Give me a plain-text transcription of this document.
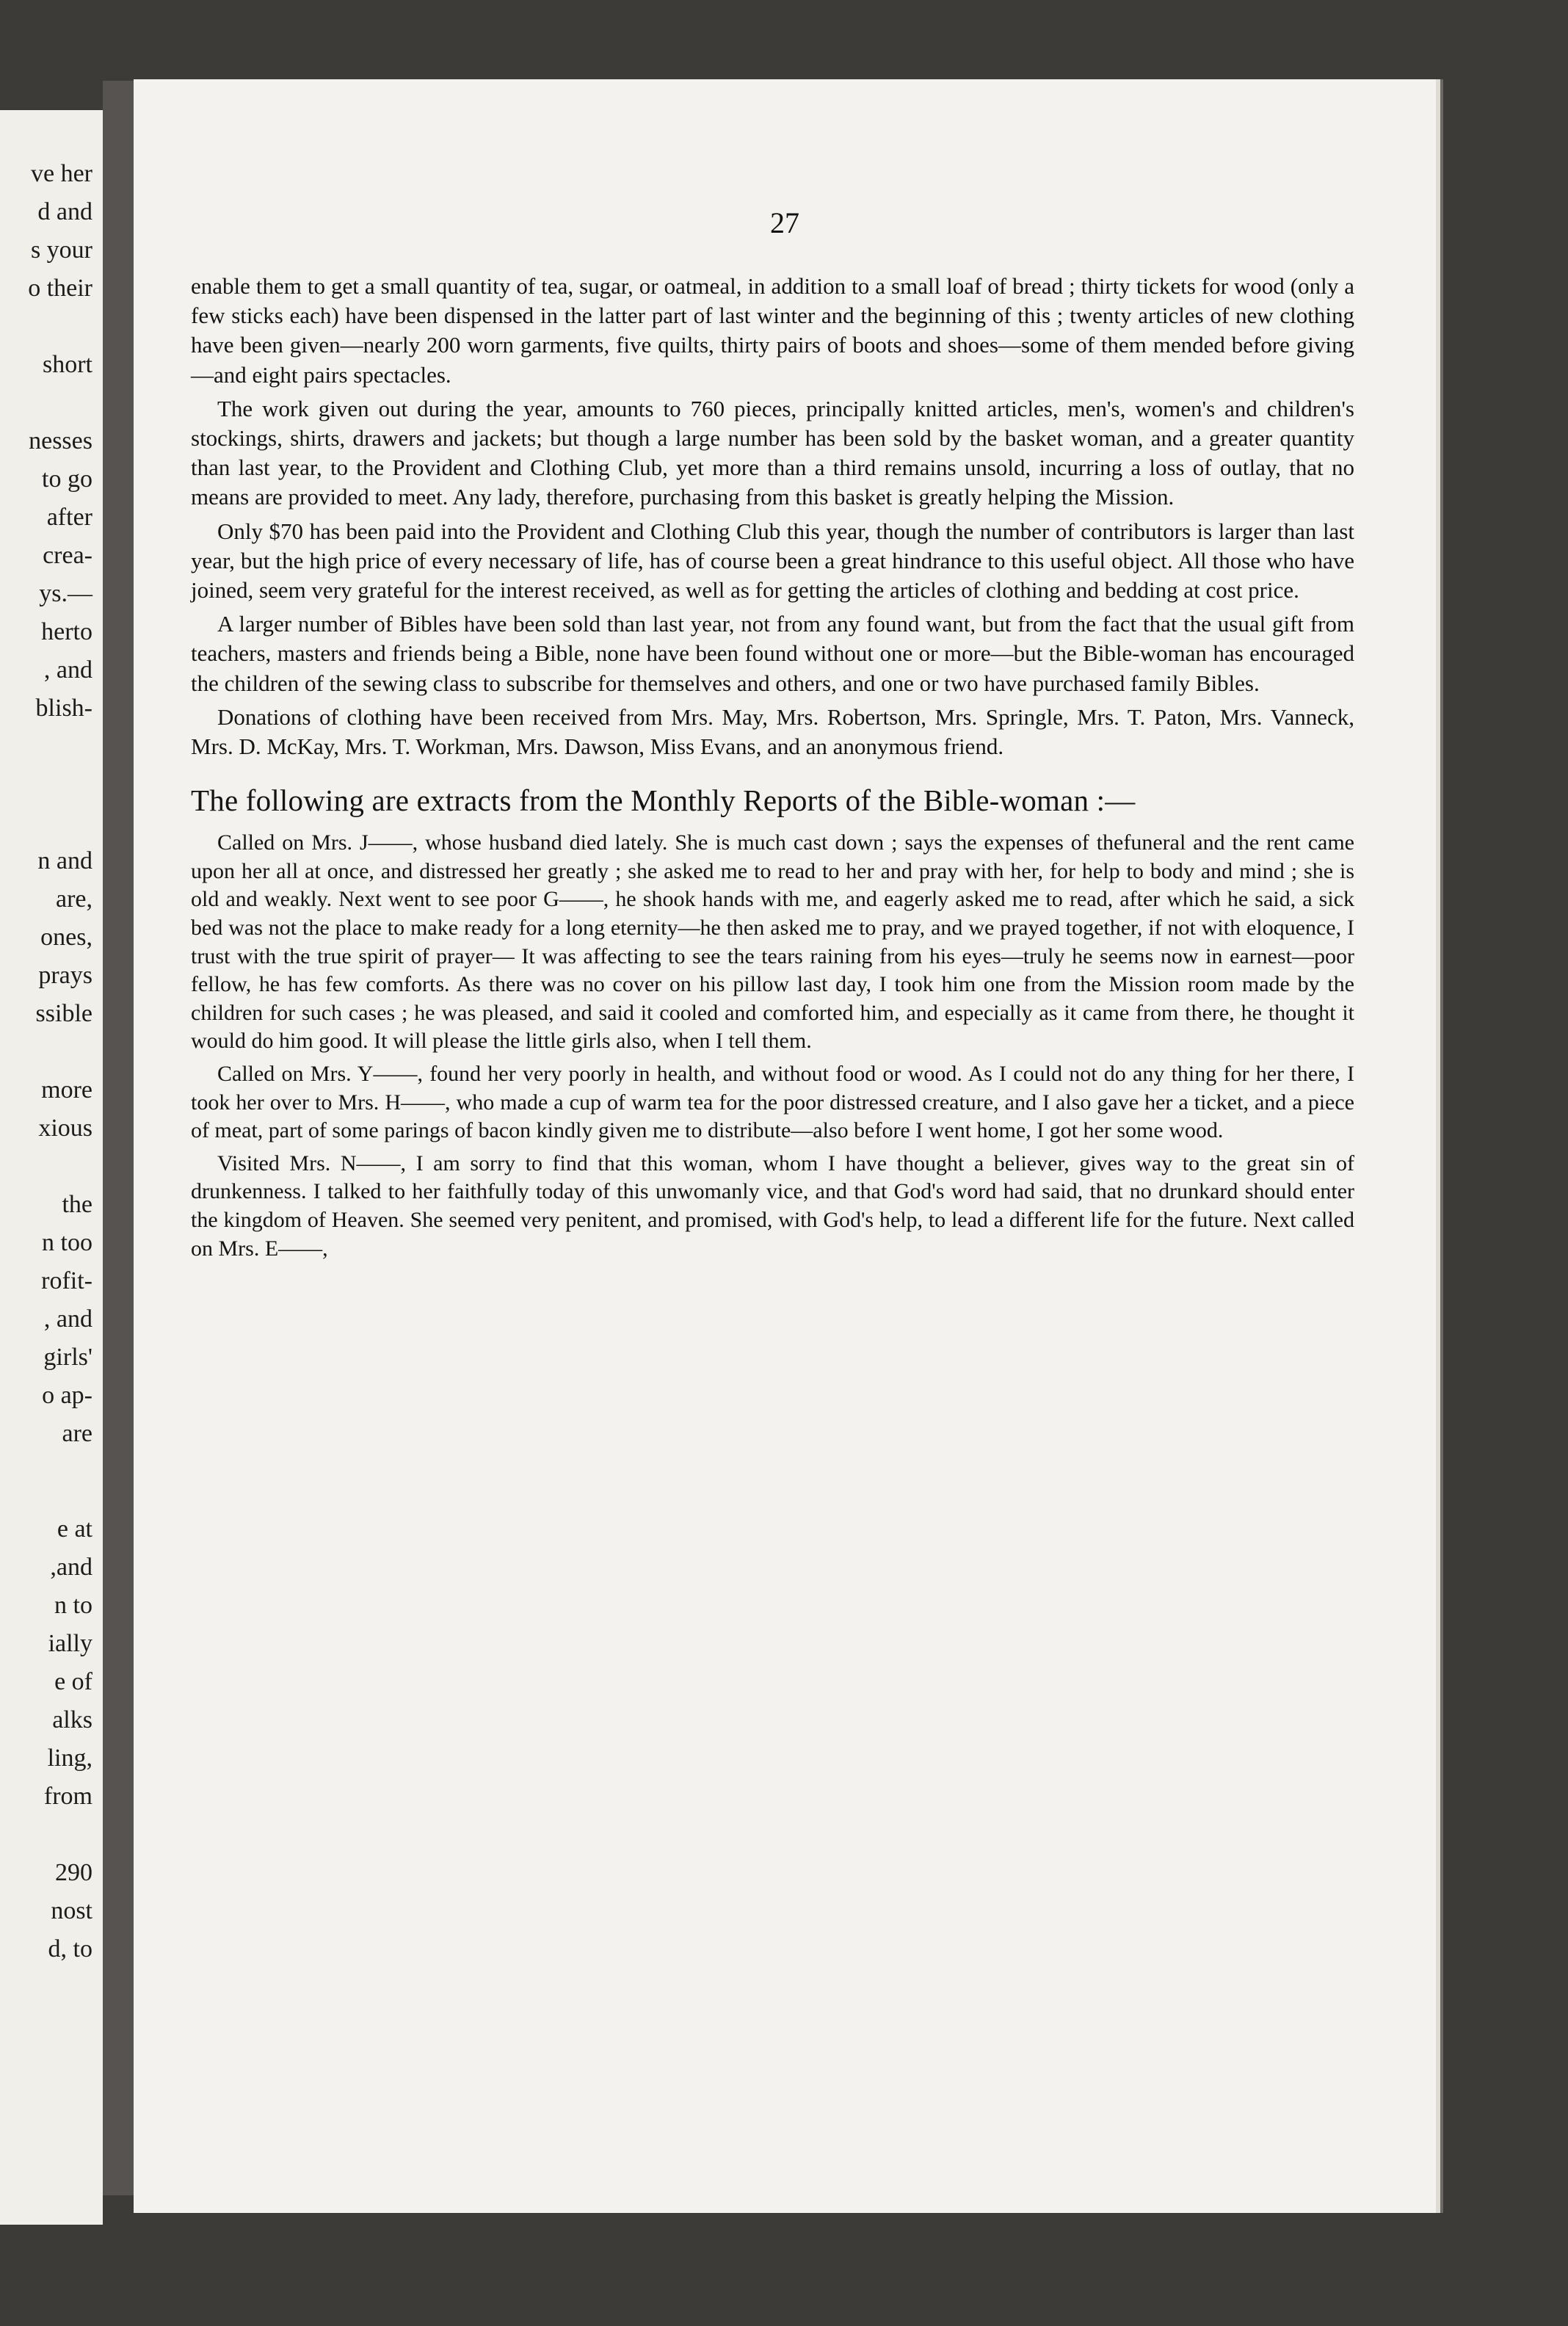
ve her
d and
s your
o their
short
nesses
to go
after
crea-
ys.—
herto
, and
blish-
n and
are,
ones,
prays
ssible
more
xious
the
n too
rofit-
, and
girls'
o ap-
are
e at
,and
n to
ially
e of
alks
ling,
from
290
nost
d, to
27

enable them to get a small quantity of tea, sugar, or oatmeal, in addition to a small loaf of bread ; thirty tickets for wood (only a few sticks each) have been dispensed in the latter part of last winter and the beginning of this ; twenty articles of new clothing have been given—nearly 200 worn garments, five quilts, thirty pairs of boots and shoes—some of them mended before giving—and eight pairs spectacles.

The work given out during the year, amounts to 760 pieces, principally knitted articles, men's, women's and children's stockings, shirts, drawers and jackets; but though a large number has been sold by the basket woman, and a greater quantity than last year, to the Provident and Clothing Club, yet more than a third remains unsold, incurring a loss of outlay, that no means are provided to meet. Any lady, therefore, purchasing from this basket is greatly helping the Mission.

Only $70 has been paid into the Provident and Clothing Club this year, though the number of contributors is larger than last year, but the high price of every necessary of life, has of course been a great hindrance to this useful object. All those who have joined, seem very grateful for the interest received, as well as for getting the articles of clothing and bedding at cost price.

A larger number of Bibles have been sold than last year, not from any found want, but from the fact that the usual gift from teachers, masters and friends being a Bible, none have been found without one or more—but the Bible-woman has encouraged the children of the sewing class to subscribe for themselves and others, and one or two have purchased family Bibles.

Donations of clothing have been received from Mrs. May, Mrs. Robertson, Mrs. Springle, Mrs. T. Paton, Mrs. Vanneck, Mrs. D. McKay, Mrs. T. Workman, Mrs. Dawson, Miss Evans, and an anonymous friend.

The following are extracts from the Monthly Reports of the Bible-woman :—

Called on Mrs. J——, whose husband died lately. She is much cast down ; says the expenses of thefuneral and the rent came upon her all at once, and distressed her greatly ; she asked me to read to her and pray with her, for help to body and mind ; she is old and weakly. Next went to see poor G——, he shook hands with me, and eagerly asked me to read, after which he said, a sick bed was not the place to make ready for a long eternity—he then asked me to pray, and we prayed together, if not with eloquence, I trust with the true spirit of prayer— It was affecting to see the tears raining from his eyes—truly he seems now in earnest—poor fellow, he has few comforts. As there was no cover on his pillow last day, I took him one from the Mission room made by the children for such cases ; he was pleased, and said it cooled and comforted him, and especially as it came from there, he thought it would do him good. It will please the little girls also, when I tell them.

Called on Mrs. Y——, found her very poorly in health, and without food or wood. As I could not do any thing for her there, I took her over to Mrs. H——, who made a cup of warm tea for the poor distressed creature, and I also gave her a ticket, and a piece of meat, part of some parings of bacon kindly given me to distribute—also before I went home, I got her some wood.

Visited Mrs. N——, I am sorry to find that this woman, whom I have thought a believer, gives way to the great sin of drunkenness. I talked to her faithfully today of this unwomanly vice, and that God's word had said, that no drunkard should enter the kingdom of Heaven. She seemed very penitent, and promised, with God's help, to lead a different life for the future. Next called on Mrs. E——,
